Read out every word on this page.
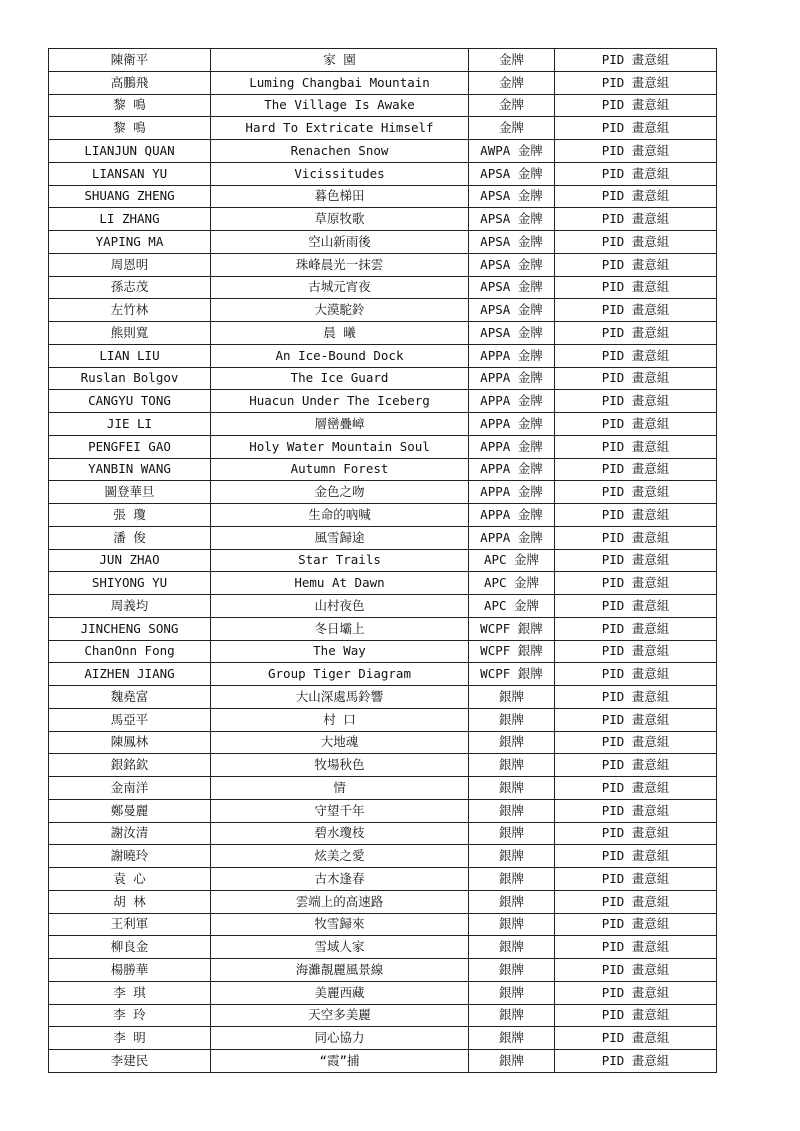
陳衛平	家 園	金牌	PID 畫意組
高鵬飛	Luming Changbai Mountain	金牌	PID 畫意組
黎 鳴	The Village Is Awake	金牌	PID 畫意組
黎 鳴	Hard To Extricate Himself	金牌	PID 畫意組
LIANJUN QUAN	Renachen Snow	AWPA 金牌	PID 畫意組
LIANSAN YU	Vicissitudes	APSA 金牌	PID 畫意組
SHUANG ZHENG	暮色梯田	APSA 金牌	PID 畫意組
LI ZHANG	草原牧歌	APSA 金牌	PID 畫意組
YAPING MA	空山新雨後	APSA 金牌	PID 畫意組
周恩明	珠峰晨光一抹雲	APSA 金牌	PID 畫意組
孫志茂	古城元宵夜	APSA 金牌	PID 畫意組
左竹林	大漠駝鈴	APSA 金牌	PID 畫意組
熊則寬	晨 曦	APSA 金牌	PID 畫意組
LIAN LIU	An Ice-Bound Dock	APPA 金牌	PID 畫意組
Ruslan Bolgov	The Ice Guard	APPA 金牌	PID 畫意組
CANGYU TONG	Huacun Under The Iceberg	APPA 金牌	PID 畫意組
JIE LI	層巒疊嶂	APPA 金牌	PID 畫意組
PENGFEI GAO	Holy Water Mountain Soul	APPA 金牌	PID 畫意組
YANBIN WANG	Autumn Forest	APPA 金牌	PID 畫意組
圖登華旦	金色之吻	APPA 金牌	PID 畫意組
張 瓊	生命的吶喊	APPA 金牌	PID 畫意組
潘 俊	風雪歸途	APPA 金牌	PID 畫意組
JUN ZHAO	Star Trails	APC 金牌	PID 畫意組
SHIYONG YU	Hemu At Dawn	APC 金牌	PID 畫意組
周義均	山村夜色	APC 金牌	PID 畫意組
JINCHENG SONG	冬日壩上	WCPF 銀牌	PID 畫意組
ChanOnn Fong	The Way	WCPF 銀牌	PID 畫意組
AIZHEN JIANG	Group Tiger Diagram	WCPF 銀牌	PID 畫意組
魏堯富	大山深處馬鈴響	銀牌	PID 畫意組
馬亞平	村 口	銀牌	PID 畫意組
陳鳳林	大地魂	銀牌	PID 畫意組
銀銘欽	牧場秋色	銀牌	PID 畫意組
金南洋	情	銀牌	PID 畫意組
鄭曼麗	守望千年	銀牌	PID 畫意組
謝汝清	碧水瓊枝	銀牌	PID 畫意組
謝曉玲	炫美之愛	銀牌	PID 畫意組
袁 心	古木逢春	銀牌	PID 畫意組
胡 林	雲端上的高速路	銀牌	PID 畫意組
王利軍	牧雪歸來	銀牌	PID 畫意組
柳良金	雪域人家	銀牌	PID 畫意組
楊勝華	海灘靚麗風景線	銀牌	PID 畫意組
李 琪	美麗西藏	銀牌	PID 畫意組
李 玲	天空多美麗	銀牌	PID 畫意組
李 明	同心協力	銀牌	PID 畫意組
李建民	“霞”捕	銀牌	PID 畫意組
